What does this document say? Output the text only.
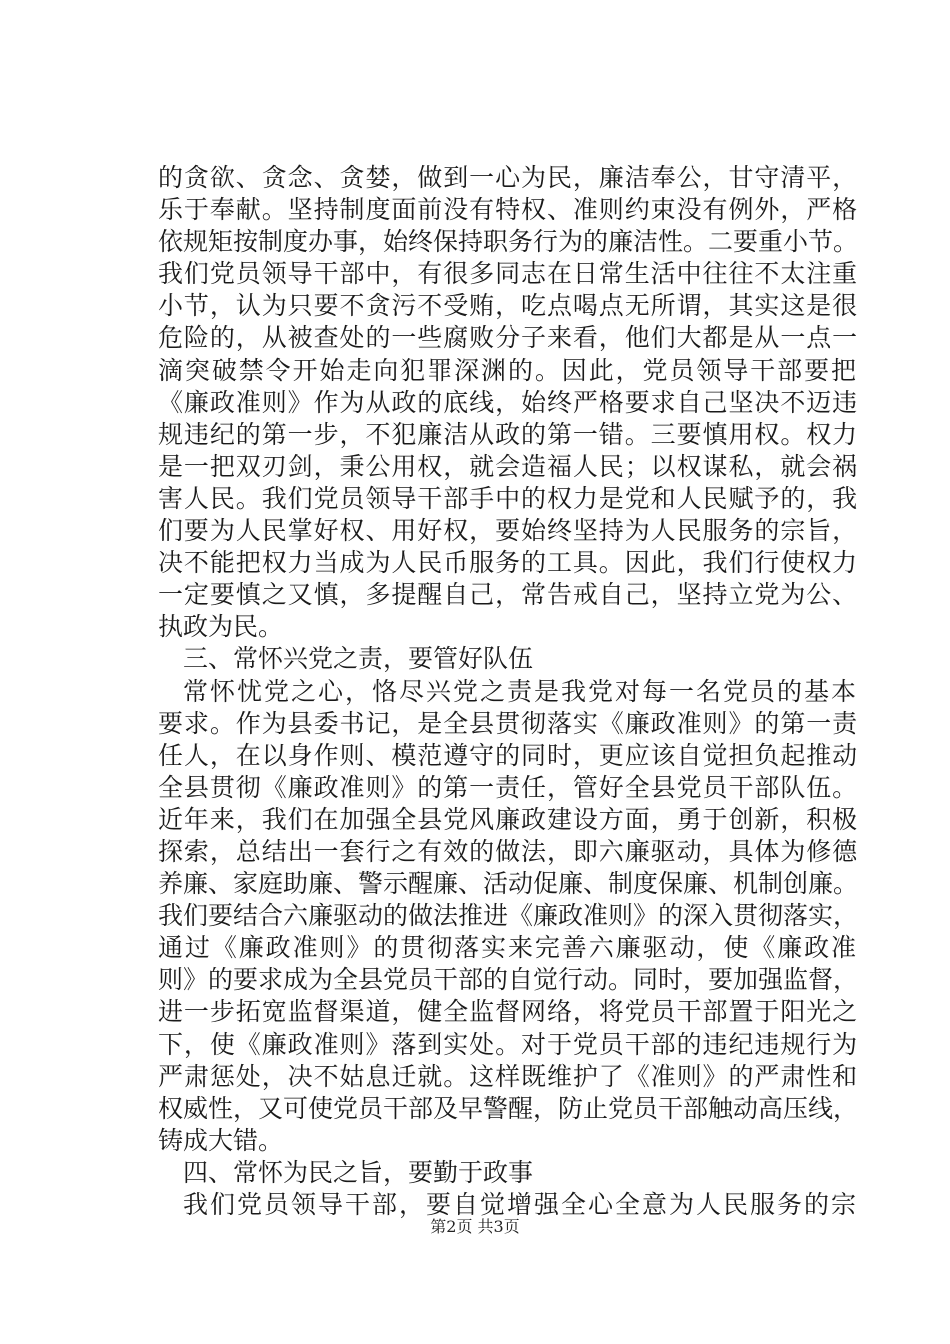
的贪欲、贪念、贪婪，做到一心为民，廉洁奉公，甘守清平，
乐于奉献。坚持制度面前没有特权、准则约束没有例外，严格
依规矩按制度办事，始终保持职务行为的廉洁性。二要重小节。
我们党员领导干部中，有很多同志在日常生活中往往不太注重
小节，认为只要不贪污不受贿，吃点喝点无所谓，其实这是很
危险的，从被查处的一些腐败分子来看，他们大都是从一点一
滴突破禁令开始走向犯罪深渊的。因此，党员领导干部要把
《廉政准则》作为从政的底线，始终严格要求自己坚决不迈违
规违纪的第一步，不犯廉洁从政的第一错。三要慎用权。权力
是一把双刃剑，秉公用权，就会造福人民；以权谋私，就会祸
害人民。我们党员领导干部手中的权力是党和人民赋予的，我
们要为人民掌好权、用好权，要始终坚持为人民服务的宗旨，
决不能把权力当成为人民币服务的工具。因此，我们行使权力
一定要慎之又慎，多提醒自己，常告戒自己，坚持立党为公、
执政为民。
三、常怀兴党之责，要管好队伍
常怀忧党之心，恪尽兴党之责是我党对每一名党员的基本
要求。作为县委书记，是全县贯彻落实《廉政准则》的第一责
任人，在以身作则、模范遵守的同时，更应该自觉担负起推动
全县贯彻《廉政准则》的第一责任，管好全县党员干部队伍。
近年来，我们在加强全县党风廉政建设方面，勇于创新，积极
探索，总结出一套行之有效的做法，即六廉驱动，具体为修德
养廉、家庭助廉、警示醒廉、活动促廉、制度保廉、机制创廉。
我们要结合六廉驱动的做法推进《廉政准则》的深入贯彻落实，
通过《廉政准则》的贯彻落实来完善六廉驱动，使《廉政准
则》的要求成为全县党员干部的自觉行动。同时，要加强监督，
进一步拓宽监督渠道，健全监督网络，将党员干部置于阳光之
下，使《廉政准则》落到实处。对于党员干部的违纪违规行为
严肃惩处，决不姑息迁就。这样既维护了《准则》的严肃性和
权威性，又可使党员干部及早警醒，防止党员干部触动高压线，
铸成大错。
四、常怀为民之旨，要勤于政事
我们党员领导干部，要自觉增强全心全意为人民服务的宗
第2页 共3页
